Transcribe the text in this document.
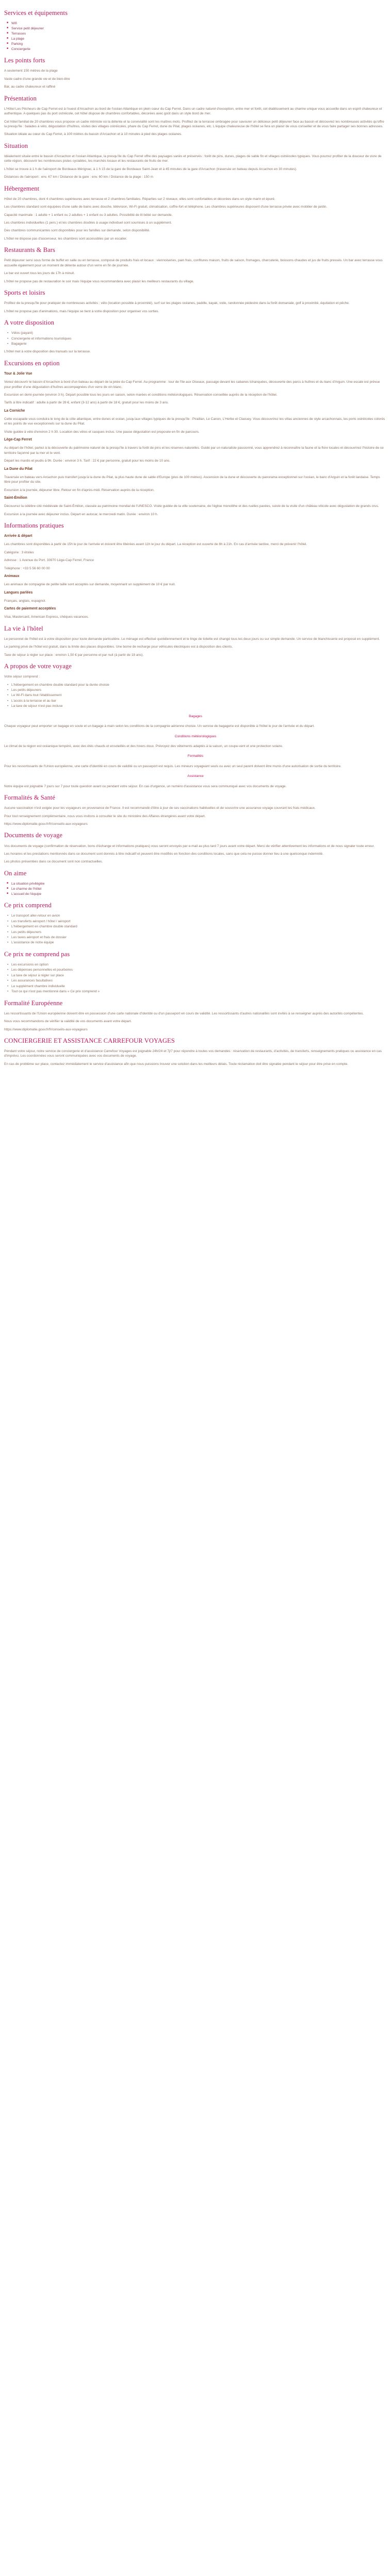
Services et équipements
■ Wifi
■ Service petit déjeuner
■ Terrasses
■ La plage
■ Parking
■ Conciergerie
Les points forts

A seulement 150 mètres de la plage

Vaste cadre d'une grande vie et de bien-être

Bar, au cadre chaleureux et raffiné

Présentation

L'Hôtel Les Pêcheurs de Cap Ferret est à l'ouest d'Arcachon au bord de l'océan Atlantique en plein cœur du Cap Ferret. Dans un cadre naturel d'exception, entre mer et forêt, cet établissement au charme unique vous accueille dans un esprit chaleureux et authentique. A quelques pas du port ostréicole, cet hôtel dispose de chambres confortables, décorées avec goût dans un style bord de mer.

Cet hôtel familial de 20 chambres vous propose un cadre intimiste où la détente et la convivialité sont les maîtres mots. Profitez de la terrasse ombragée pour savourer un délicieux petit déjeuner face au bassin et découvrez les nombreuses activités qu'offre la presqu'île : balades à vélo, dégustation d'huîtres, visites des villages ostréicoles, phare du Cap Ferret, dune du Pilat, plages océanes, etc. L'équipe chaleureuse de l'hôtel se fera un plaisir de vous conseiller et de vous faire partager ses bonnes adresses.

Situation idéale au cœur du Cap Ferret, à 100 mètres du bassin d'Arcachon et à 10 minutes à pied des plages océanes.

Situation

Idéalement située entre le bassin d'Arcachon et l'océan Atlantique, la presqu'île du Cap Ferret offre des paysages variés et préservés : forêt de pins, dunes, plages de sable fin et villages ostréicoles typiques. Vous pourrez profiter de la douceur de vivre de cette région, découvrir les nombreuses pistes cyclables, les marchés locaux et les restaurants de fruits de mer.

L'hôtel se trouve à 1 h de l'aéroport de Bordeaux-Mérignac, à 1 h 15 de la gare de Bordeaux Saint-Jean et à 45 minutes de la gare d'Arcachon (traversée en bateau depuis Arcachon en 30 minutes).

Distances de l'aéroport : env. 67 km / Distance de la gare : env. 60 km / Distance de la plage : 150 m

Hébergement

Hôtel de 20 chambres, dont 4 chambres supérieures avec terrasse et 2 chambres familiales. Réparties sur 2 niveaux, elles sont confortables et décorées dans un style marin et épuré.

Les chambres standard sont équipées d'une salle de bains avec douche, télévision, Wi-Fi gratuit, climatisation, coffre-fort et téléphone. Les chambres supérieures disposent d'une terrasse privée avec mobilier de jardin.

Capacité maximale : 1 adulte + 1 enfant ou 2 adultes + 1 enfant ou 3 adultes. Possibilité de lit bébé sur demande.

Les chambres individuelles (1 pers.) et les chambres doubles à usage individuel sont soumises à un supplément.

Des chambres communicantes sont disponibles pour les familles sur demande, selon disponibilité.

L'hôtel ne dispose pas d'ascenseur, les chambres sont accessibles par un escalier.

Restaurants & Bars

Petit déjeuner servi sous forme de buffet en salle ou en terrasse, composé de produits frais et locaux : viennoiseries, pain frais, confitures maison, fruits de saison, fromages, charcuterie, boissons chaudes et jus de fruits pressés. Un bar avec terrasse vous accueille également pour un moment de détente autour d'un verre en fin de journée.

Le bar est ouvert tous les jours de 17h à minuit.

L'hôtel ne propose pas de restauration le soir mais l'équipe vous recommandera avec plaisir les meilleurs restaurants du village.

Sports et loisirs

Profitez de la presqu'île pour pratiquer de nombreuses activités : vélo (location possible à proximité), surf sur les plages océanes, paddle, kayak, voile, randonnée pédestre dans la forêt domaniale, golf à proximité, équitation et pêche.

L'hôtel ne propose pas d'animations, mais l'équipe se tient à votre disposition pour organiser vos sorties.

A votre disposition
• Vélos (payant)
• Conciergerie et informations touristiques
• Bagagerie

L'hôtel met à votre disposition des transats sur la terrasse.

Excursions en option
Tour & Jolie Vue

Venez découvrir le bassin d'Arcachon à bord d'un bateau au départ de la jetée du Cap Ferret. Au programme : tour de l'île aux Oiseaux, passage devant les cabanes tchanquées, découverte des parcs à huîtres et du banc d'Arguin. Une escale est prévue pour profiter d'une dégustation d'huîtres accompagnées d'un verre de vin blanc.

Excursion en demi-journée (environ 3 h). Départ possible tous les jours en saison, selon marées et conditions météorologiques. Réservation conseillée auprès de la réception de l'hôtel.

Tarifs à titre indicatif : adulte à partir de 28 €, enfant (3-12 ans) à partir de 18 €, gratuit pour les moins de 3 ans.

La Corniche

Cette escapade vous conduira le long de la côte atlantique, entre dunes et océan, jusqu'aux villages typiques de la presqu'île : Piraillan, Le Canon, L'Herbe et Claouey. Vous découvrirez les villas anciennes de style arcachonnais, les ports ostréicoles colorés et les points de vue exceptionnels sur la dune du Pilat.

Visite guidée à vélo d'environ 2 h 30. Location des vélos et casques inclus. Une pause dégustation est proposée en fin de parcours.

Lège-Cap Ferret

Au départ de l'hôtel, partez à la découverte du patrimoine naturel de la presqu'île à travers la forêt de pins et les réserves naturelles. Guidé par un naturaliste passionné, vous apprendrez à reconnaître la faune et la flore locales et découvrirez l'histoire de ce territoire façonné par la mer et le vent.

Départ les mardis et jeudis à 9h. Durée : environ 3 h. Tarif : 22 € par personne, gratuit pour les moins de 10 ans.

La Dune du Pilat

Traversée en bateau vers Arcachon puis transfert jusqu'à la dune du Pilat, la plus haute dune de sable d'Europe (plus de 100 mètres). Ascension de la dune et découverte du panorama exceptionnel sur l'océan, le banc d'Arguin et la forêt landaise. Temps libre pour profiter du site.

Excursion à la journée, déjeuner libre. Retour en fin d'après-midi. Réservation auprès de la réception.

Saint-Émilion

Découvrez la célèbre cité médiévale de Saint-Émilion, classée au patrimoine mondial de l'UNESCO. Visite guidée de la ville souterraine, de l'église monolithe et des ruelles pavées, suivie de la visite d'un château viticole avec dégustation de grands crus.

Excursion à la journée avec déjeuner inclus. Départ en autocar, le mercredi matin. Durée : environ 10 h.

Informations pratiques
Arrivée & départ

Les chambres sont disponibles à partir de 15h le jour de l'arrivée et doivent être libérées avant 11h le jour du départ. La réception est ouverte de 8h à 21h. En cas d'arrivée tardive, merci de prévenir l'hôtel.

Catégorie : 3 étoiles

Adresse : 1 Avenue du Port, 33970 Lège-Cap Ferret, France

Téléphone : +33 5 56 60 00 00

Animaux

Les animaux de compagnie de petite taille sont acceptés sur demande, moyennant un supplément de 10 € par nuit.

Langues parlées

Français, anglais, espagnol.

Cartes de paiement acceptées

Visa, Mastercard, American Express, chèques vacances.

La vie à l'hôtel

Le personnel de l'hôtel est à votre disposition pour toute demande particulière. Le ménage est effectué quotidiennement et le linge de toilette est changé tous les deux jours ou sur simple demande. Un service de blanchisserie est proposé en supplément.

Le parking privé de l'hôtel est gratuit, dans la limite des places disponibles. Une borne de recharge pour véhicules électriques est à disposition des clients.

Taxe de séjour à régler sur place : environ 1,50 € par personne et par nuit (à partir de 18 ans).

A propos de votre voyage

Votre séjour comprend :

• L'hébergement en chambre double standard pour la durée choisie
• Les petits déjeuners
• Le Wi-Fi dans tout l'établissement
• L'accès à la terrasse et au bar
• La taxe de séjour n'est pas incluse

Bagages

Chaque voyageur peut emporter un bagage en soute et un bagage à main selon les conditions de la compagnie aérienne choisie. Un service de bagagerie est disponible à l'hôtel le jour de l'arrivée et du départ.

Conditions météorologiques

Le climat de la région est océanique tempéré, avec des étés chauds et ensoleillés et des hivers doux. Prévoyez des vêtements adaptés à la saison, un coupe-vent et une protection solaire.

Formalités

Pour les ressortissants de l'Union européenne, une carte d'identité en cours de validité ou un passeport est requis. Les mineurs voyageant seuls ou avec un seul parent doivent être munis d'une autorisation de sortie du territoire.

Assistance

Notre équipe est joignable 7 jours sur 7 pour toute question avant ou pendant votre séjour. En cas d'urgence, un numéro d'assistance vous sera communiqué avec vos documents de voyage.

Formalités & Santé

Aucune vaccination n'est exigée pour les voyageurs en provenance de France. Il est recommandé d'être à jour de ses vaccinations habituelles et de souscrire une assurance voyage couvrant les frais médicaux.

Pour tout renseignement complémentaire, nous vous invitons à consulter le site du ministère des Affaires étrangères avant votre départ.

https://www.diplomatie.gouv.fr/fr/conseils-aux-voyageurs

Documents de voyage

Vos documents de voyage (confirmation de réservation, bons d'échange et informations pratiques) vous seront envoyés par e-mail au plus tard 7 jours avant votre départ. Merci de vérifier attentivement les informations et de nous signaler toute erreur.

Les horaires et les prestations mentionnés dans ce document sont donnés à titre indicatif et peuvent être modifiés en fonction des conditions locales, sans que cela ne puisse donner lieu à une quelconque indemnité.

Les photos présentées dans ce document sont non contractuelles.

On aime
■ La situation privilégiée
■ Le charme de l'hôtel
■ L'accueil de l'équipe
Ce prix comprend
• Le transport aller-retour en avion
• Les transferts aéroport / hôtel / aéroport
• L'hébergement en chambre double standard
• Les petits déjeuners
• Les taxes aéroport et frais de dossier
• L'assistance de notre équipe
Ce prix ne comprend pas
• Les excursions en option
• Les dépenses personnelles et pourboires
• La taxe de séjour à régler sur place
• Les assurances facultatives
• Le supplément chambre individuelle
• Tout ce qui n'est pas mentionné dans « Ce prix comprend »
Formalité Européenne

Les ressortissants de l'Union européenne doivent être en possession d'une carte nationale d'identité ou d'un passeport en cours de validité. Les ressortissants d'autres nationalités sont invités à se renseigner auprès des autorités compétentes.

Nous vous recommandons de vérifier la validité de vos documents avant votre départ.

https://www.diplomatie.gouv.fr/fr/conseils-aux-voyageurs

CONCIERGERIE ET ASSISTANCE CARREFOUR VOYAGES

Pendant votre séjour, notre service de conciergerie et d'assistance Carrefour Voyages est joignable 24h/24 et 7j/7 pour répondre à toutes vos demandes : réservation de restaurants, d'activités, de transferts, renseignements pratiques ou assistance en cas d'imprévu. Les coordonnées vous seront communiquées avec vos documents de voyage.

En cas de problème sur place, contactez immédiatement le service d'assistance afin que nous puissions trouver une solution dans les meilleurs délais. Toute réclamation doit être signalée pendant le séjour pour être prise en compte.
